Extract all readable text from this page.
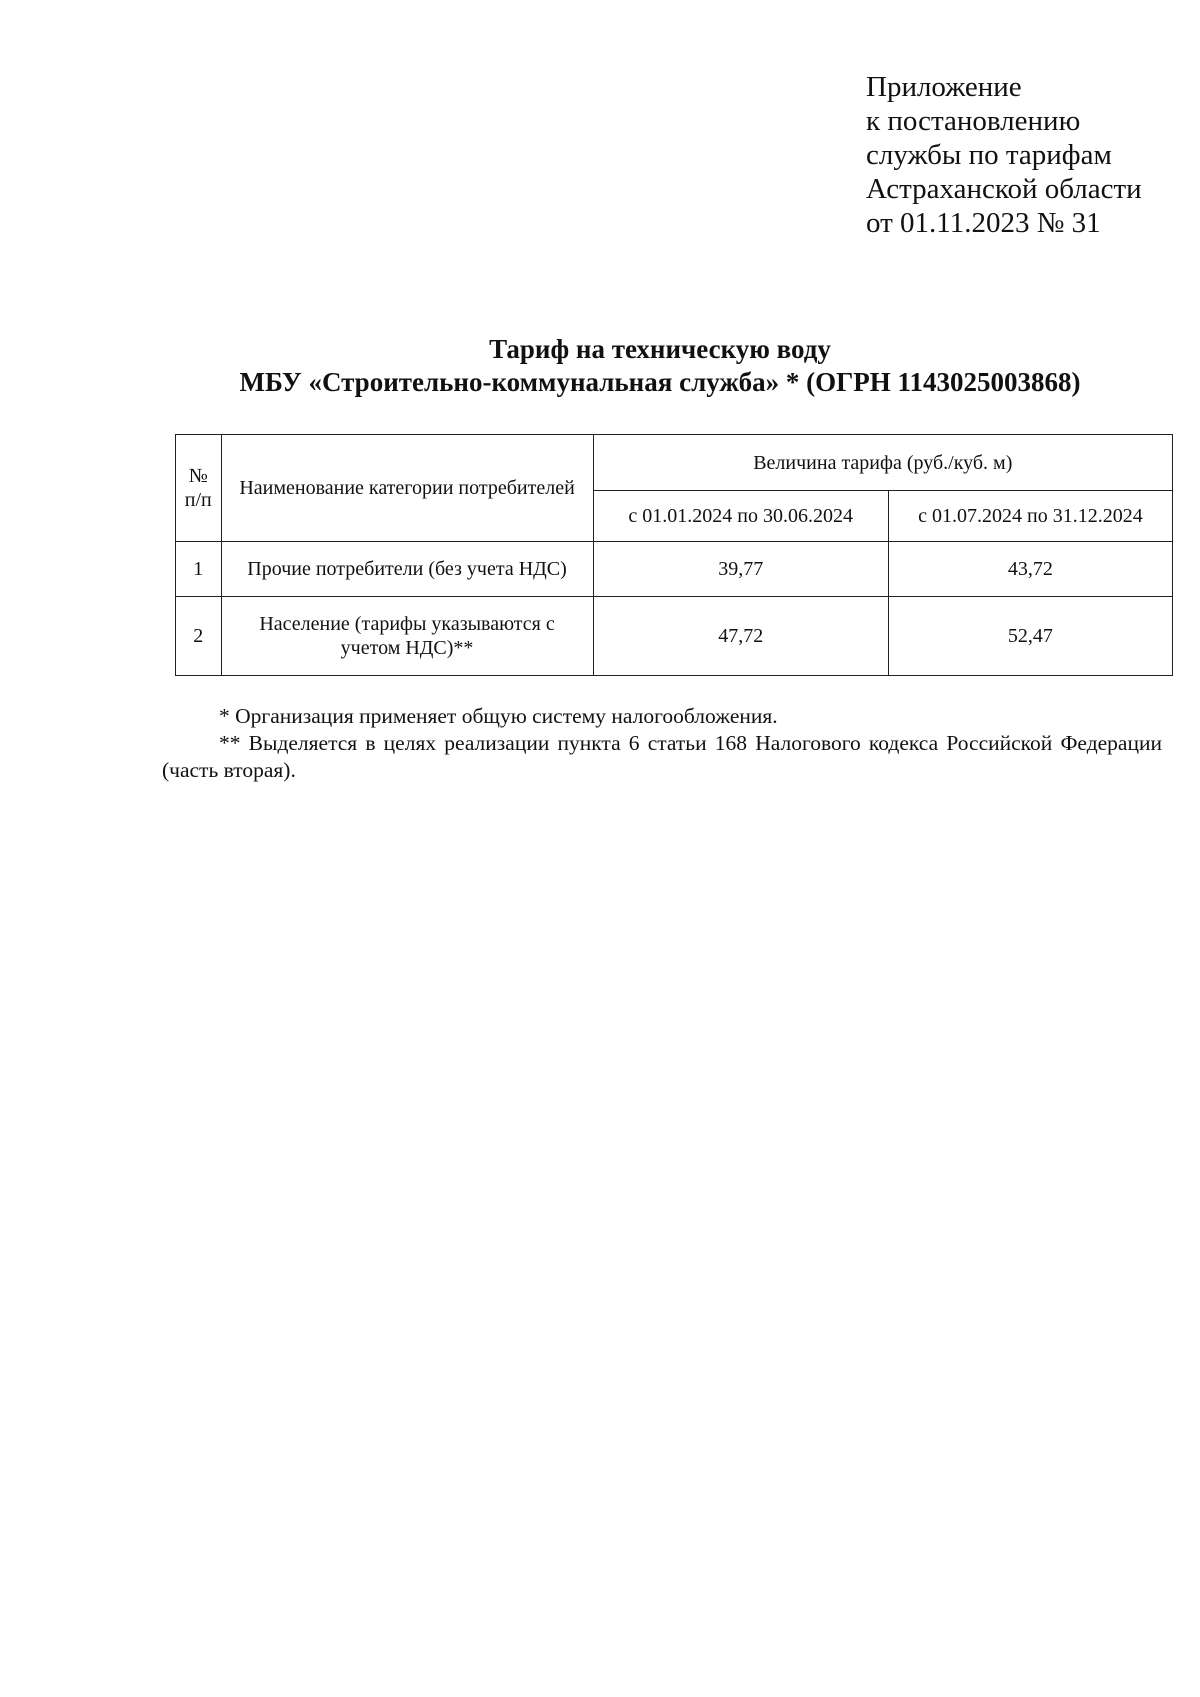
Приложение
к постановлению
службы по тарифам
Астраханской области
от 01.11.2023 № 31
Тариф на техническую воду
МБУ «Строительно-коммунальная служба» * (ОГРН 1143025003868)
№ п/п	Наименование категории потребителей	Величина тарифа (руб./куб. м)	
		с 01.01.2024 по 30.06.2024	с 01.07.2024 по 31.12.2024
1	Прочие потребители (без учета НДС)	39,77	43,72
2	Население (тарифы указываются с учетом НДС)**	47,72	52,47
* Организация применяет общую систему налогообложения.
** Выделяется в целях реализации пункта 6 статьи 168 Налогового кодекса Российской Федерации (часть вторая).
